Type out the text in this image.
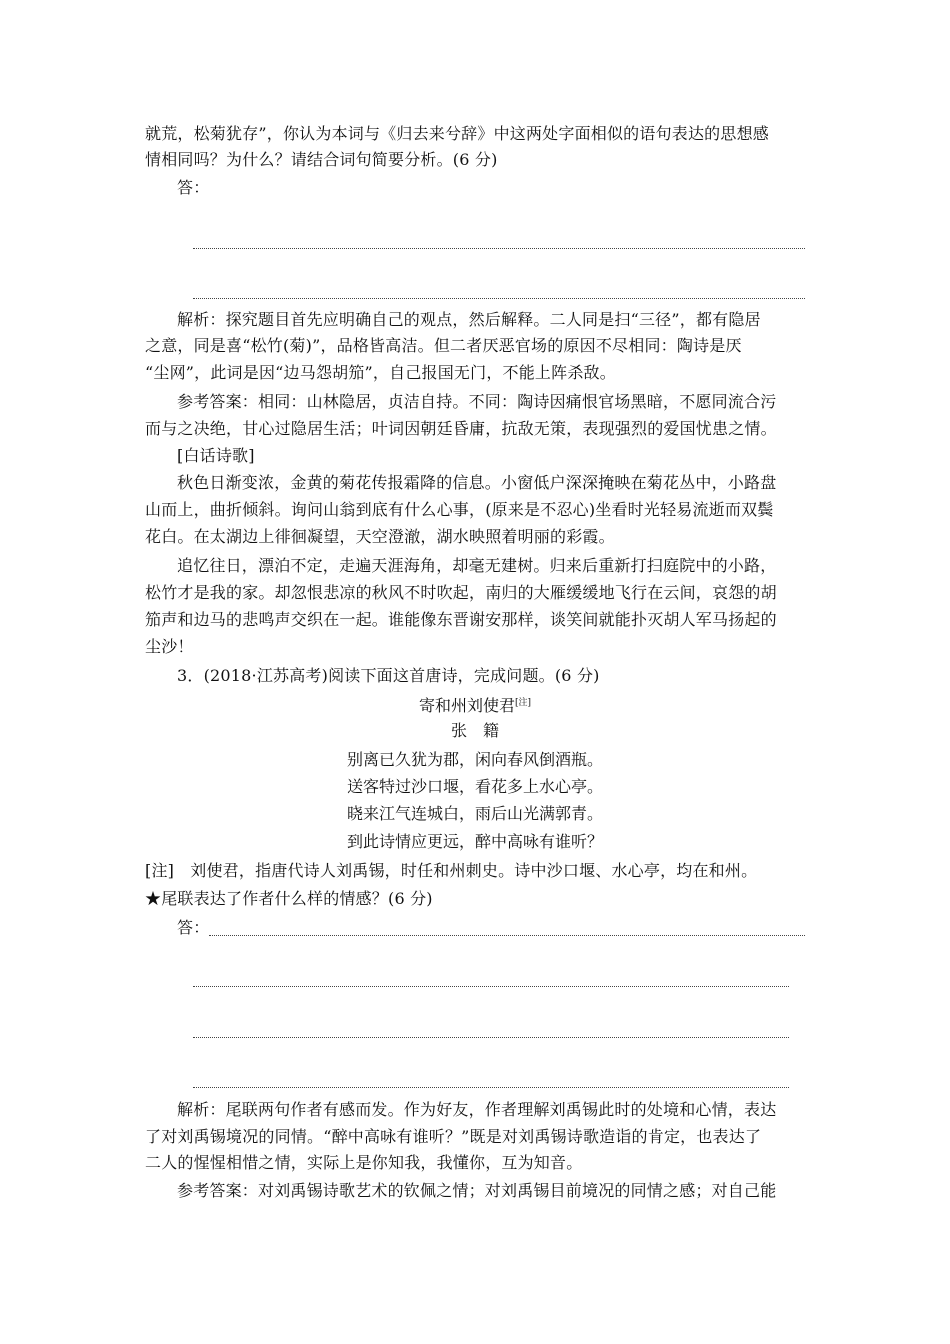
就荒，松菊犹存”，你认为本词与《归去来兮辞》中这两处字面相似的语句表达的思想感
情相同吗？为什么？请结合词句简要分析。(6 分)
答：
解析：探究题目首先应明确自己的观点，然后解释。二人同是扫“三径”，都有隐居
之意，同是喜“松竹(菊)”，品格皆高洁。但二者厌恶官场的原因不尽相同：陶诗是厌
“尘网”，此词是因“边马怨胡笳”，自己报国无门，不能上阵杀敌。
参考答案：相同：山林隐居，贞洁自持。不同：陶诗因痛恨官场黑暗，不愿同流合污
而与之决绝，甘心过隐居生活；叶词因朝廷昏庸，抗敌无策，表现强烈的爱国忧患之情。
[白话诗歌]
秋色日渐变浓，金黄的菊花传报霜降的信息。小窗低户深深掩映在菊花丛中，小路盘
山而上，曲折倾斜。询问山翁到底有什么心事，(原来是不忍心)坐看时光轻易流逝而双鬓
花白。在太湖边上徘徊凝望，天空澄澈，湖水映照着明丽的彩霞。
追忆往日，漂泊不定，走遍天涯海角，却毫无建树。归来后重新打扫庭院中的小路，
松竹才是我的家。却忽恨悲凉的秋风不时吹起，南归的大雁缓缓地飞行在云间，哀怨的胡
笳声和边马的悲鸣声交织在一起。谁能像东晋谢安那样，谈笑间就能扑灭胡人军马扬起的
尘沙！
3．(2018·江苏高考)阅读下面这首唐诗，完成问题。(6 分)
寄和州刘使君[注]
张 籍
别离已久犹为郡，闲向春风倒酒瓶。
送客特过沙口堰，看花多上水心亭。
晓来江气连城白，雨后山光满郭青。
到此诗情应更远，醉中高咏有谁听？
[注]　刘使君，指唐代诗人刘禹锡，时任和州刺史。诗中沙口堰、水心亭，均在和州。
★尾联表达了作者什么样的情感？(6 分)
答：
解析：尾联两句作者有感而发。作为好友，作者理解刘禹锡此时的处境和心情，表达
了对刘禹锡境况的同情。“醉中高咏有谁听？”既是对刘禹锡诗歌造诣的肯定，也表达了
二人的惺惺相惜之情，实际上是你知我，我懂你，互为知音。
参考答案：对刘禹锡诗歌艺术的钦佩之情；对刘禹锡目前境况的同情之感；对自己能
